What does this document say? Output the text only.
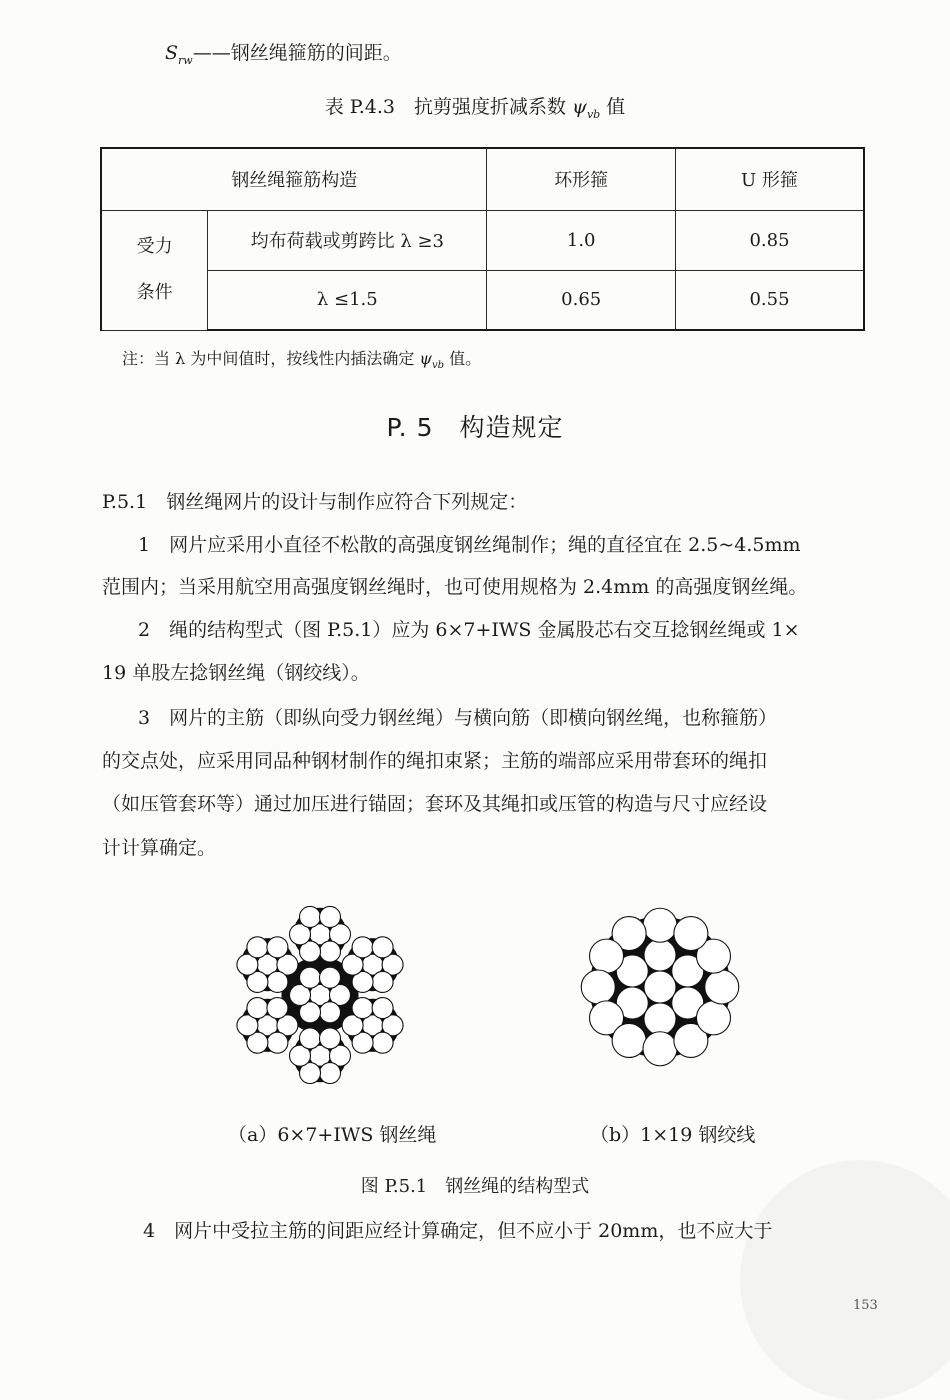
$S_{rw}——$钢丝绳箍筋的间距。
表 P.4.3　抗剪强度折减系数 $\psi_{vb}$ 值
钢丝绳箍筋构造		环形箍	U 形箍

受力
条件	均布荷载或剪跨比 λ ≥3	1.0	0.85
	λ ≤1.5	0.65	0.55
注：当 λ 为中间值时，按线性内插法确定 $\psi_{vb}$ 值。
P. 5　构造规定
P.5.1　钢丝绳网片的设计与制作应符合下列规定：
1　网片应采用小直径不松散的高强度钢丝绳制作；绳的直径宜在 2.5~4.5mm
范围内；当采用航空用高强度钢丝绳时，也可使用规格为 2.4mm 的高强度钢丝绳。
2　绳的结构型式（图 P.5.1）应为 6×7+IWS 金属股芯右交互捻钢丝绳或 1×
19 单股左捻钢丝绳（钢绞线）。
3　网片的主筋（即纵向受力钢丝绳）与横向筋（即横向钢丝绳，也称箍筋）
的交点处，应采用同品种钢材制作的绳扣束紧；主筋的端部应采用带套环的绳扣
（如压管套环等）通过加压进行锚固；套环及其绳扣或压管的构造与尺寸应经设
计计算确定。
（a）6×7+IWS 钢丝绳	（b）1×19 钢绞线
图 P.5.1　钢丝绳的结构型式
4　网片中受拉主筋的间距应经计算确定，但不应小于 20mm，也不应大于
153
